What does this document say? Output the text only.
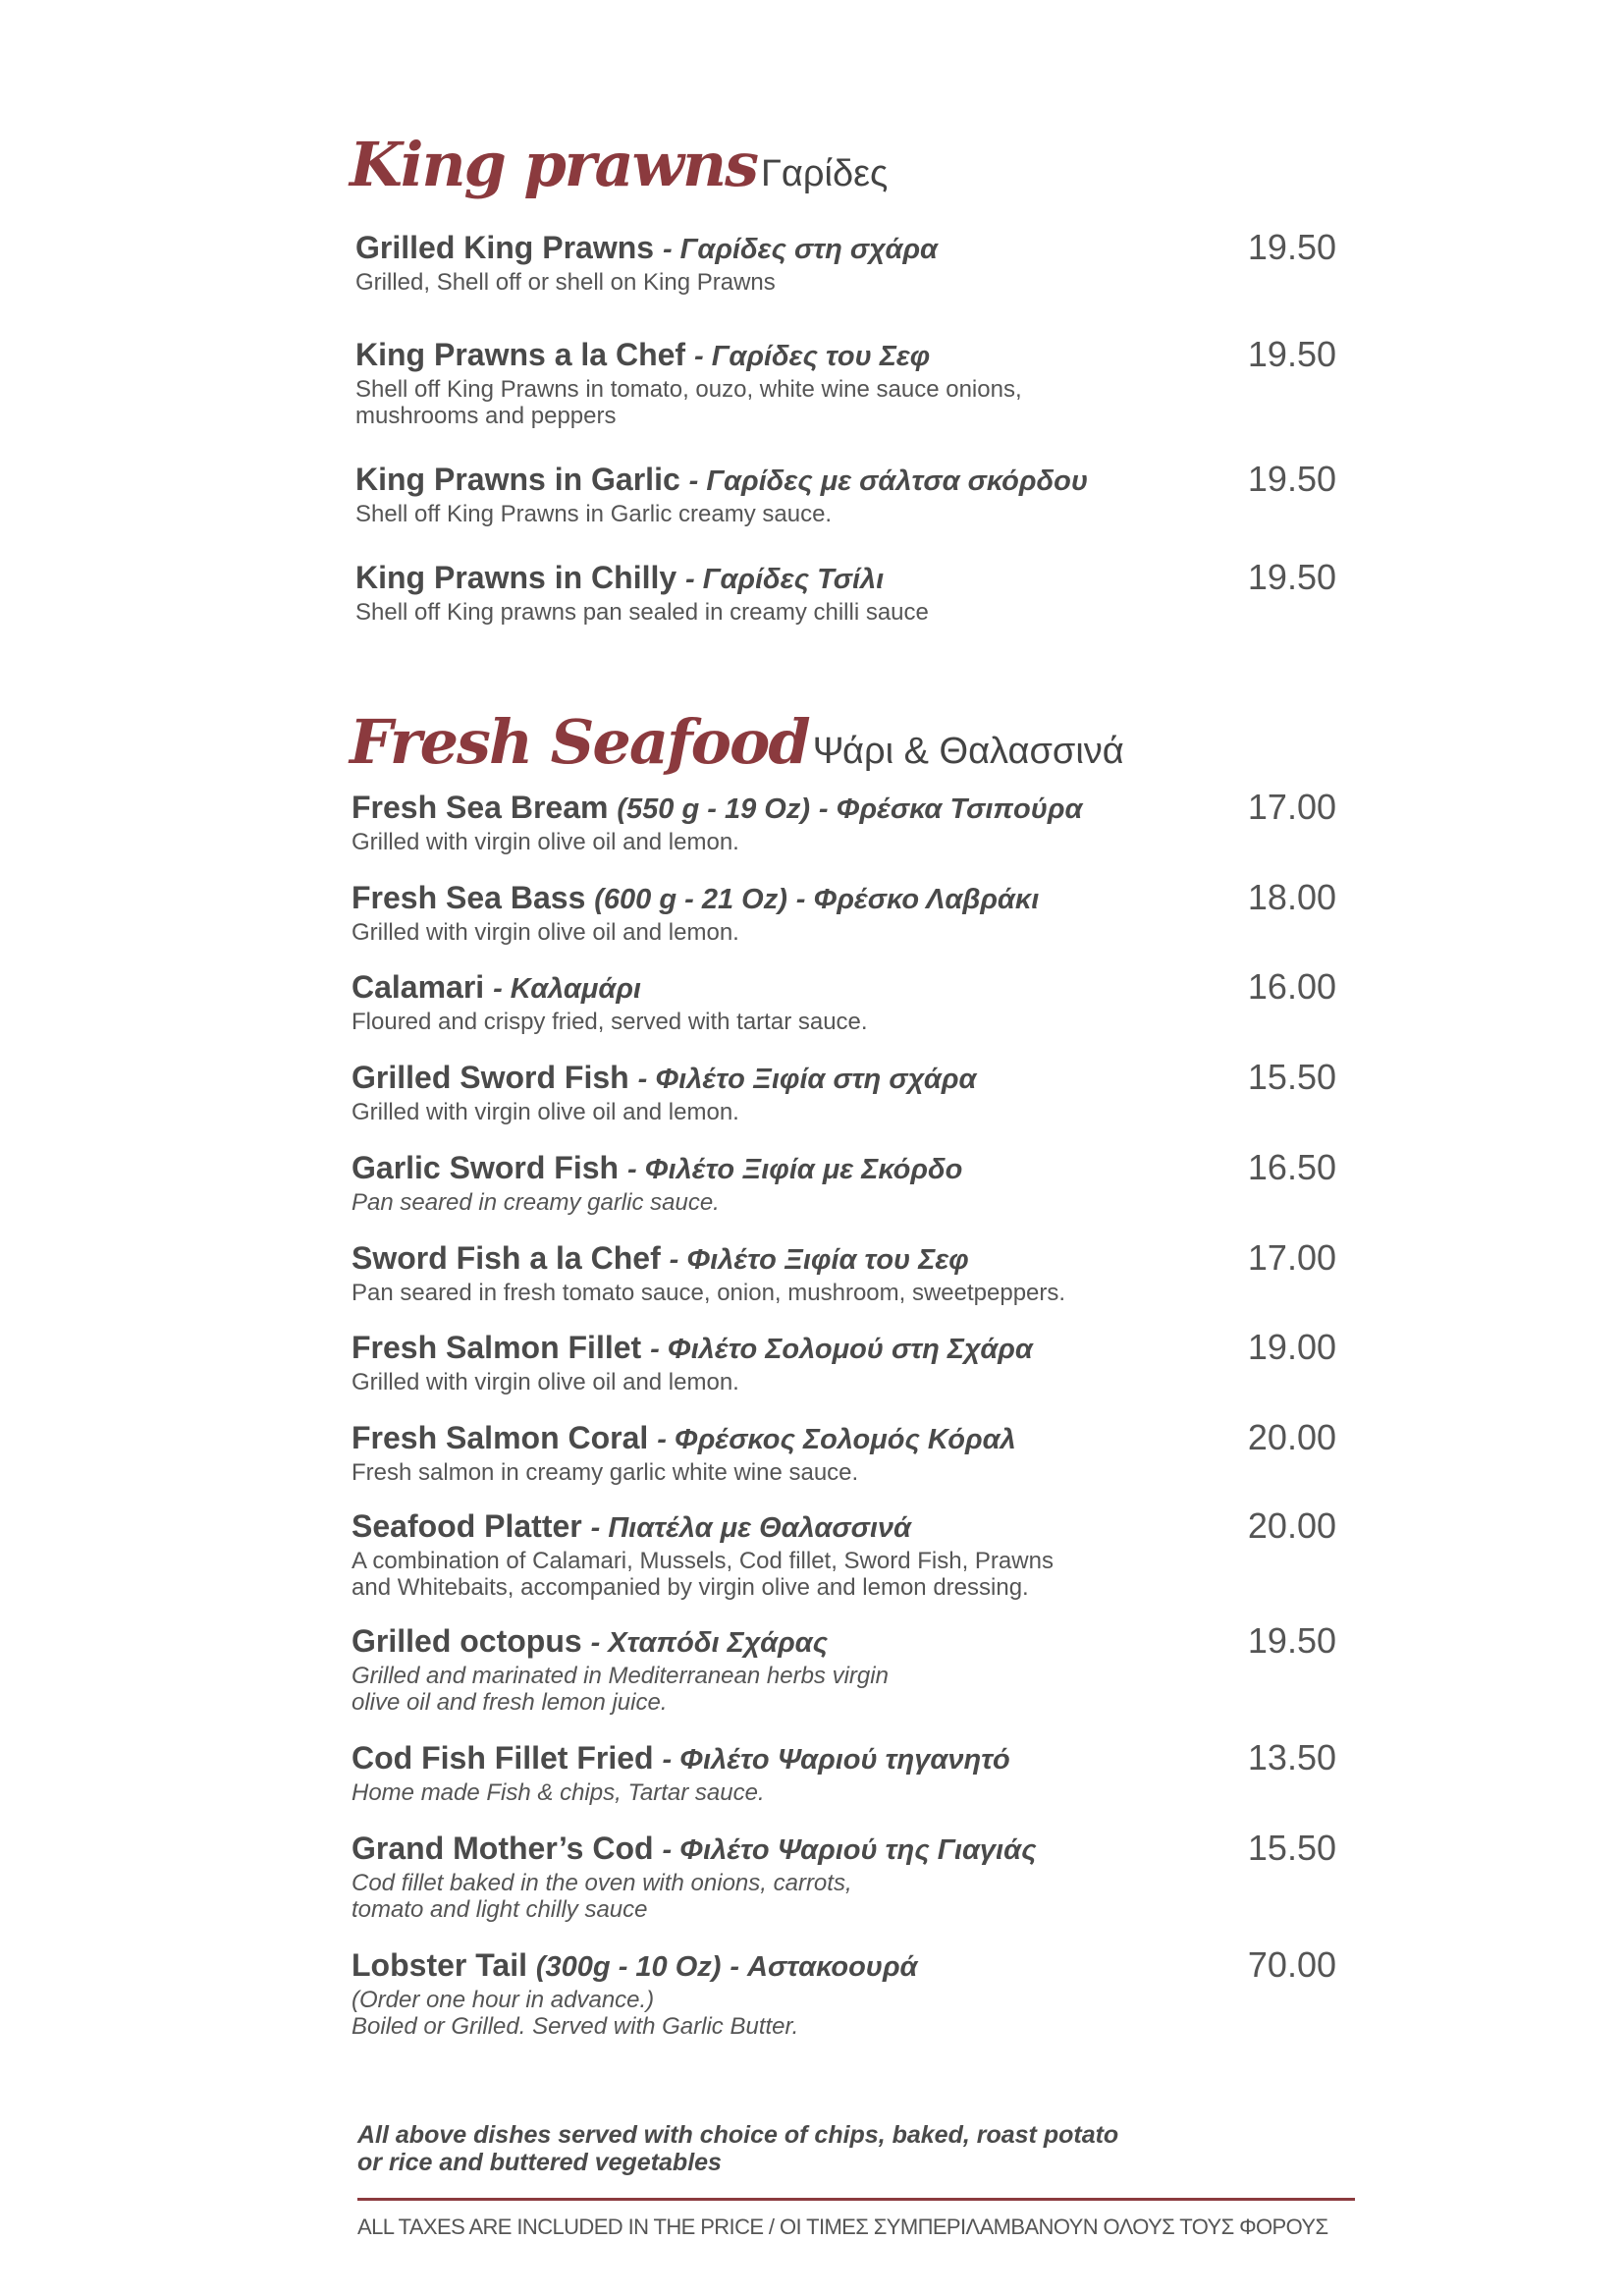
King prawns Γαρίδες
Grilled King Prawns - Γαρίδες στη σχάρα
Grilled, Shell off or shell on King Prawns
19.50
King Prawns a la Chef - Γαρίδες του Σεφ
Shell off King Prawns in tomato, ouzo, white wine sauce onions,
mushrooms and peppers
19.50
King Prawns in Garlic - Γαρίδες με σάλτσα σκόρδου
Shell off King Prawns in Garlic creamy sauce.
19.50
King Prawns in Chilly - Γαρίδες Τσίλι
Shell off King prawns pan sealed in creamy chilli sauce
19.50
Fresh Seafood Ψάρι & Θαλασσινά
Fresh Sea Bream (550 g - 19 Oz) - Φρέσκα Τσιπούρα
Grilled with virgin olive oil and lemon.
17.00
Fresh Sea Bass (600 g - 21 Oz) - Φρέσκο Λαβράκι
Grilled with virgin olive oil and lemon.
18.00
Calamari - Καλαμάρι
Floured and crispy fried, served with tartar sauce.
16.00
Grilled Sword Fish - Φιλέτο Ξιφία στη σχάρα
Grilled with virgin olive oil and lemon.
15.50
Garlic Sword Fish - Φιλέτο Ξιφία με Σκόρδο
Pan seared in creamy garlic sauce.
16.50
Sword Fish a la Chef - Φιλέτο Ξιφία του Σεφ
Pan seared in fresh tomato sauce, onion, mushroom, sweetpeppers.
17.00
Fresh Salmon Fillet - Φιλέτο Σολομού στη Σχάρα
Grilled with virgin olive oil and lemon.
19.00
Fresh Salmon Coral - Φρέσκος Σολομός Κόραλ
Fresh salmon in creamy garlic white wine sauce.
20.00
Seafood Platter - Πιατέλα με Θαλασσινά
A combination of Calamari, Mussels, Cod fillet, Sword Fish, Prawns
and Whitebaits, accompanied by virgin olive and lemon dressing.
20.00
Grilled octopus - Χταπόδι Σχάρας
Grilled and marinated in Mediterranean herbs virgin
olive oil and fresh lemon juice.
19.50
Cod Fish Fillet Fried - Φιλέτο Ψαριού τηγανητό
Home made Fish & chips, Tartar sauce.
13.50
Grand Mother’s Cod - Φιλέτο Ψαριού της Γιαγιάς
Cod fillet baked in the oven with onions, carrots,
tomato and light chilly sauce
15.50
Lobster Tail (300g - 10 Oz) - Αστακοουρά
(Order one hour in advance.)
Boiled or Grilled. Served with Garlic Butter.
70.00
All above dishes served with choice of chips, baked, roast potato
or rice and buttered vegetables
ALL TAXES ARE INCLUDED IN THE PRICE / ΟΙ ΤΙΜΕΣ ΣΥΜΠΕΡΙΛΑΜΒΑΝΟΥΝ ΟΛΟΥΣ ΤΟΥΣ ΦΟΡΟΥΣ
